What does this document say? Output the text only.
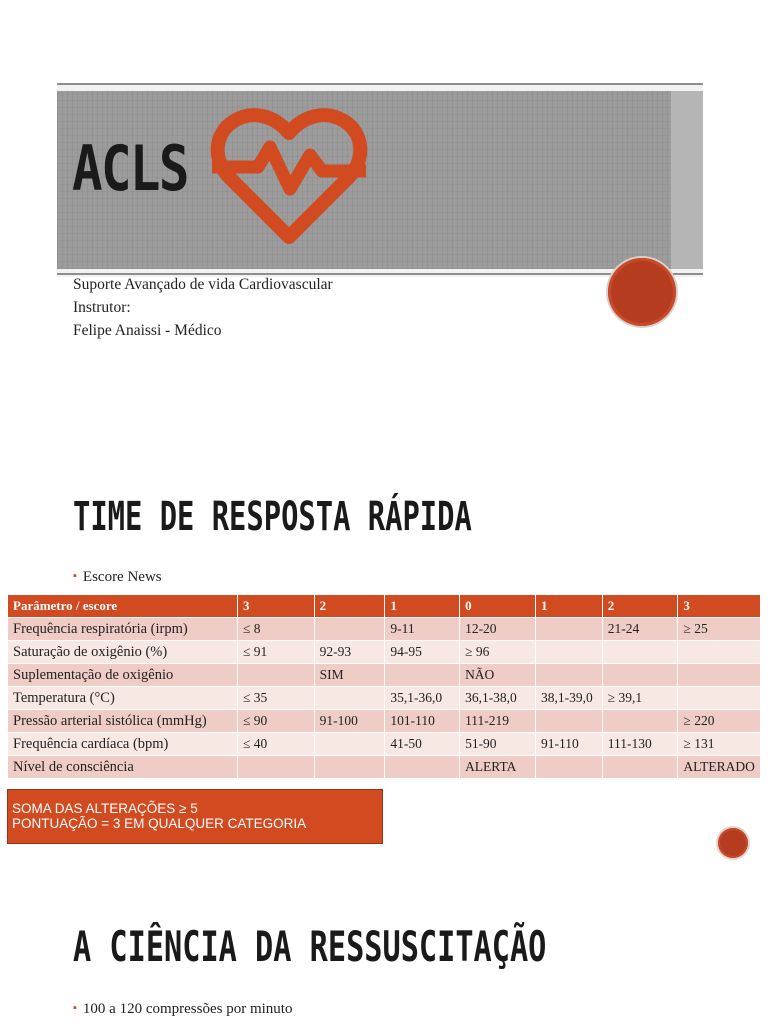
ACLS
Suporte Avançado de vida Cardiovascular
Instrutor:
Felipe Anaissi - Médico
TIME DE RESPOSTA RÁPIDA
▪ Escore News
Parâmetro / escore	3	2	1	0	1	2	3
Frequência respiratória (irpm)	≤ 8		9-11	12-20		21-24	≥ 25
Saturação de oxigênio (%)	≤ 91	92-93	94-95	≥ 96			
Suplementação de oxigênio		SIM		NÃO			
Temperatura (°C)	≤ 35		35,1-36,0	36,1-38,0	38,1-39,0	≥ 39,1	
Pressão arterial sistólica (mmHg)	≤ 90	91-100	101-110	111-219			≥ 220
Frequência cardíaca (bpm)	≤ 40		41-50	51-90	91-110	111-130	≥ 131
Nível de consciência				ALERTA			ALTERADO
SOMA DAS ALTERAÇÕES ≥ 5
PONTUAÇÃO = 3 EM QUALQUER CATEGORIA
A CIÊNCIA DA RESSUSCITAÇÃO
▪ 100 a 120 compressões por minuto
